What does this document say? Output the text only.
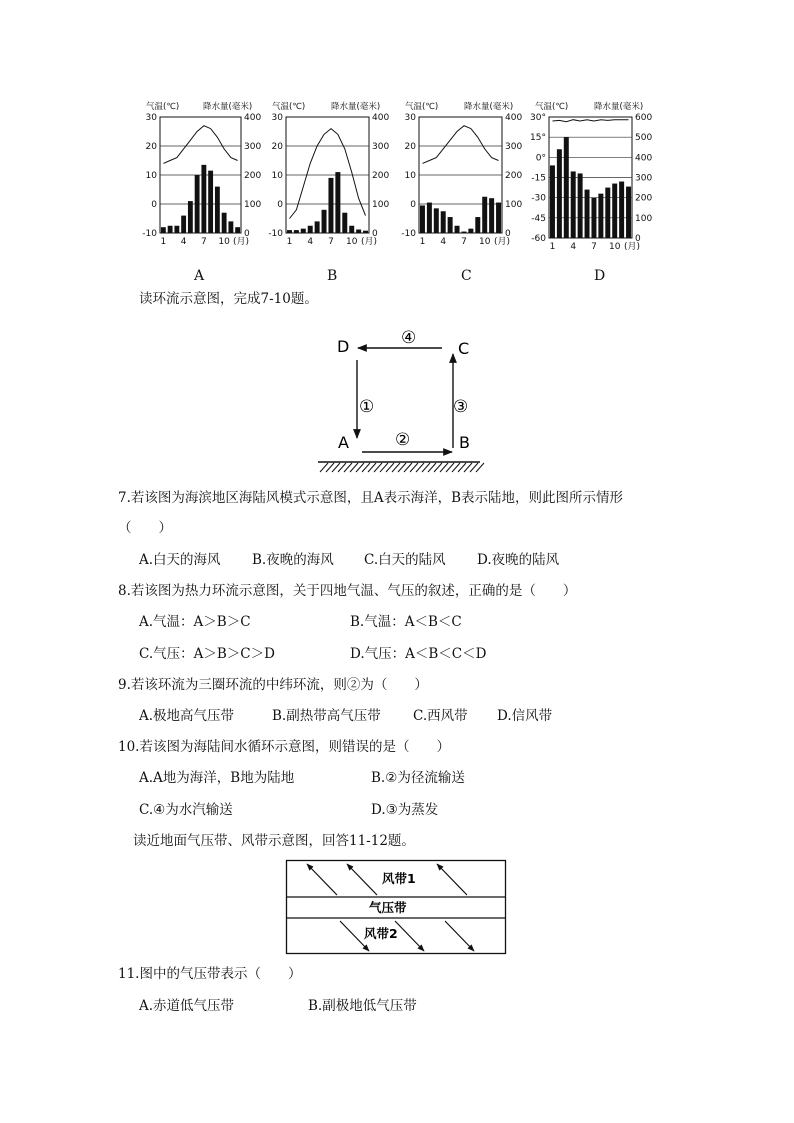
气温(℃)	降水量(毫米)
30
20
10
0
-10
400
300
200
100
0
1 4 7 10 (月)
气温(℃)	降水量(毫米)
30
20
10
0
-10
400
300
200
100
0
1 4 7 10 (月)
气温(℃)	降水量(毫米)
30
20
10
0
-10
400
300
200
100
0
1 4 7 10 (月)
气温(℃)	降水量(毫米)
30°
15°
0°
-15
-30
-45
-60
600
500
400
300
200
100
0
1 4 7 10 (月)
A	B	C	D
读环流示意图，完成7-10题。
D	C
A	B
④
①	③
②
7.若该图为海滨地区海陆风模式示意图，且A表示海洋，B表示陆地，则此图所示情形
（　　）
A.白天的海风 B.夜晚的海风 C.白天的陆风 D.夜晚的陆风
8.若该图为热力环流示意图，关于四地气温、气压的叙述，正确的是（　　）
A.气温：A＞B＞C	B.气温：A＜B＜C
C.气压：A＞B＞C＞D	D.气压：A＜B＜C＜D
9.若该环流为三圈环流的中纬环流，则②为（　　）
A.极地高气压带	B.副热带高气压带 C.西风带 D.信风带
10.若该图为海陆间水循环示意图，则错误的是（　　）
A.A地为海洋，B地为陆地	B.②为径流输送
C.④为水汽输送	D.③为蒸发
读近地面气压带、风带示意图，回答11-12题。
风带1
气压带
风带2
11.图中的气压带表示（　　）
A.赤道低气压带	B.副极地低气压带
